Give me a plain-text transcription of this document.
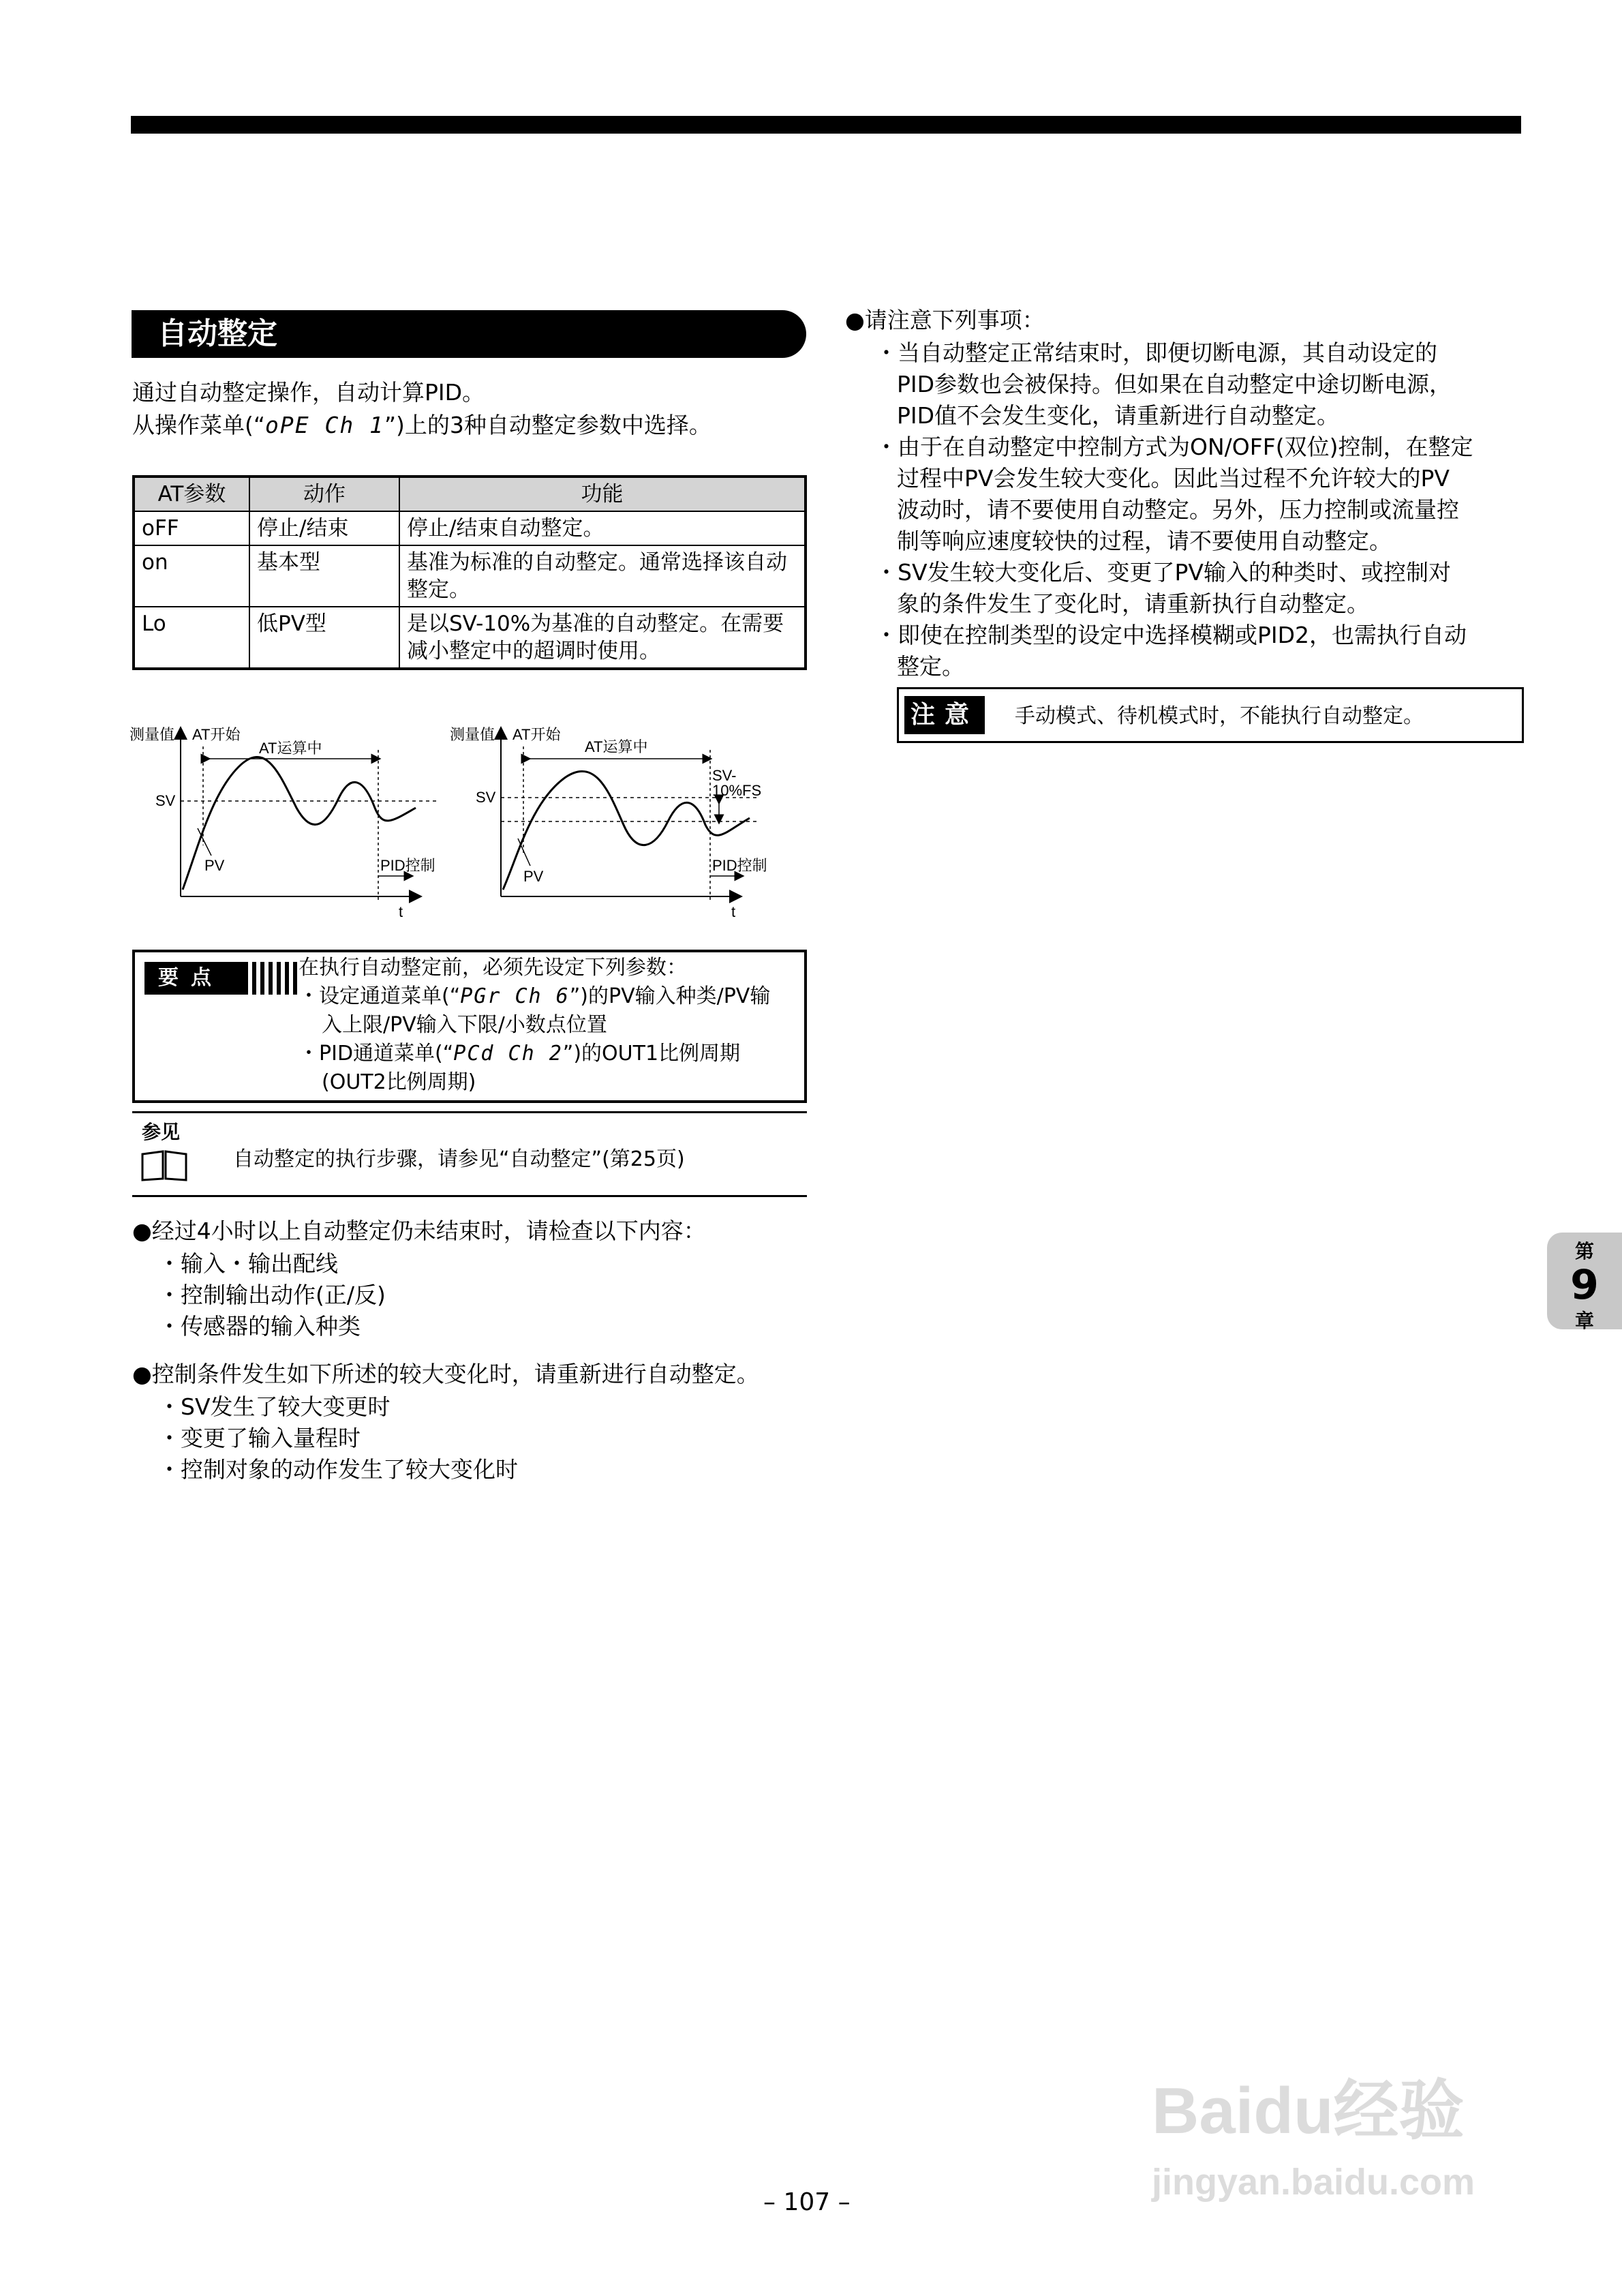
自动整定
通过自动整定操作，自动计算PID。
从操作菜单(“oPE Ch 1”)上的3种自动整定参数中选择。
AT参数	动作	功能
oFF	停止/结束	停止/结束自动整定。
on	基本型	基准为标准的自动整定。通常选择该自动整定。
Lo	低PV型	是以SV-10%为基准的自动整定。在需要减小整定中的超调时使用。
测量值
t
AT开始
AT运算中
SV
PV	PID控制
测量值
t
AT开始
AT运算中
SV
SV-
10%FS
PV
PID控制
要点	在执行自动整定前，必须先设定下列参数：
・设定通道菜单(“PGr Ch 6”)的PV输入种类/PV输
入上限/PV输入下限/小数点位置
・PID通道菜单(“PCd Ch 2”)的OUT1比例周期
(OUT2比例周期)
参见
自动整定的执行步骤，请参见“自动整定”(第25页)
●经过4小时以上自动整定仍未结束时，请检查以下内容：
・输入・输出配线
・控制输出动作(正/反)
・传感器的输入种类
●控制条件发生如下所述的较大变化时，请重新进行自动整定。
・SV发生了较大变更时
・变更了输入量程时
・控制对象的动作发生了较大变化时
●请注意下列事项：
・当自动整定正常结束时，即便切断电源，其自动设定的
PID参数也会被保持。但如果在自动整定中途切断电源，
PID值不会发生变化，请重新进行自动整定。
・由于在自动整定中控制方式为ON/OFF(双位)控制，在整定
过程中PV会发生较大变化。因此当过程不允许较大的PV
波动时，请不要使用自动整定。另外，压力控制或流量控
制等响应速度较快的过程，请不要使用自动整定。
・SV发生较大变化后、变更了PV输入的种类时、或控制对
象的条件发生了变化时，请重新执行自动整定。
・即使在控制类型的设定中选择模糊或PID2，也需执行自动
整定。
注意	手动模式、待机模式时，不能执行自动整定。
第
9
章
– 107 –
Baidu经验
jingyan.baidu.com
